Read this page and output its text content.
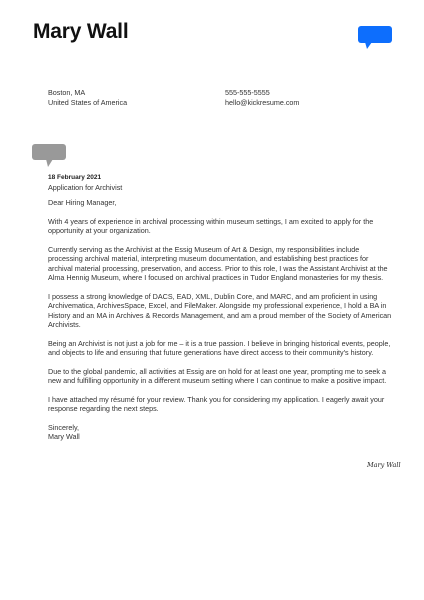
Mary Wall
Boston, MA
United States of America
555-555-5555
hello@kickresume.com
18 February 2021
Application for Archivist

Dear Hiring Manager,

With 4 years of experience in archival processing within museum settings, I am excited to apply for the opportunity at your organization.

Currently serving as the Archivist at the Essig Museum of Art & Design, my responsibilities include processing archival material, interpreting museum documentation, and establishing best practices for archival material processing, preservation, and access. Prior to this role, I was the Assistant Archivist at the Alma Hennig Museum, where I focused on archival practices in Tudor England monasteries for my thesis.

I possess a strong knowledge of DACS, EAD, XML, Dublin Core, and MARC, and am proficient in using Archivematica, ArchivesSpace, Excel, and FileMaker. Alongside my professional experience, I hold a BA in History and an MA in Archives & Records Management, and am a proud member of the Society of American Archivists.

Being an Archivist is not just a job for me – it is a true passion. I believe in bringing historical events, people, and objects to life and ensuring that future generations have direct access to their community's history.

Due to the global pandemic, all activities at Essig are on hold for at least one year, prompting me to seek a new and fulfilling opportunity in a different museum setting where I can continue to make a positive impact.

I have attached my résumé for your review. Thank you for considering my application. I eagerly await your response regarding the next steps.

Sincerely,
Mary Wall
Mary Wall
